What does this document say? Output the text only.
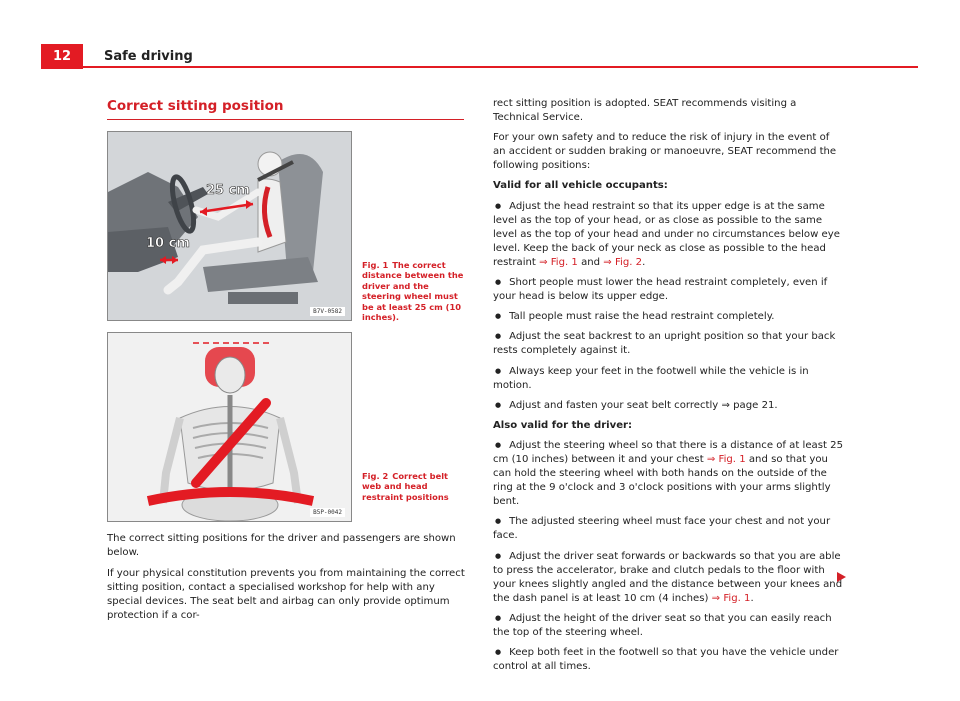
12	Safe driving
Correct sitting position
25 cm
10 cm
B7V-0582
Fig. 1 The correct distance between the driver and the steering wheel must be at least 25 cm (10 inches).
B5P-0042
Fig. 2 Correct belt web and head restraint positions

The correct sitting positions for the driver and passengers are shown below.

If your physical constitution prevents you from maintaining the correct sitting position, contact a specialised workshop for help with any special devices. The seat belt and airbag can only provide optimum protection if a cor-

rect sitting position is adopted. SEAT recommends visiting a Technical Service.

For your own safety and to reduce the risk of injury in the event of an accident or sudden braking or manoeuvre, SEAT recommend the following positions:

Valid for all vehicle occupants:

● Adjust the head restraint so that its upper edge is at the same level as the top of your head, or as close as possible to the same level as the top of your head and under no circumstances below eye level. Keep the back of your neck as close as possible to the head restraint ⇒ Fig. 1 and ⇒ Fig. 2.

● Short people must lower the head restraint completely, even if your head is below its upper edge.

● Tall people must raise the head restraint completely.

● Adjust the seat backrest to an upright position so that your back rests completely against it.

● Always keep your feet in the footwell while the vehicle is in motion.

● Adjust and fasten your seat belt correctly ⇒ page 21.

Also valid for the driver:

● Adjust the steering wheel so that there is a distance of at least 25 cm (10 inches) between it and your chest ⇒ Fig. 1 and so that you can hold the steering wheel with both hands on the outside of the ring at the 9 o'clock and 3 o'clock positions with your arms slightly bent.

● The adjusted steering wheel must face your chest and not your face.

● Adjust the driver seat forwards or backwards so that you are able to press the accelerator, brake and clutch pedals to the floor with your knees slightly angled and the distance between your knees and the dash panel is at least 10 cm (4 inches) ⇒ Fig. 1.

● Adjust the height of the driver seat so that you can easily reach the top of the steering wheel.

● Keep both feet in the footwell so that you have the vehicle under control at all times.
